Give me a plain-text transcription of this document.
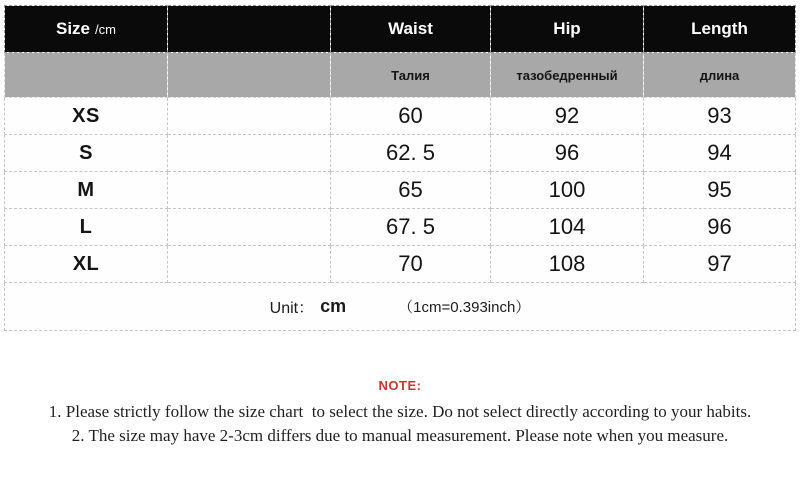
Size /cm		Waist	Hip	Length
		Талия	тазобедренный	длина
XS		60	92	93
S		62. 5	96	94
M		65	100	95
L		67. 5	104	96
XL		70	108	97

Unit： cm （1cm=0.393inch）				
NOTE:
1. Please strictly follow the size chart  to select the size. Do not select directly according to your habits.
2. The size may have 2-3cm differs due to manual measurement. Please note when you measure.
